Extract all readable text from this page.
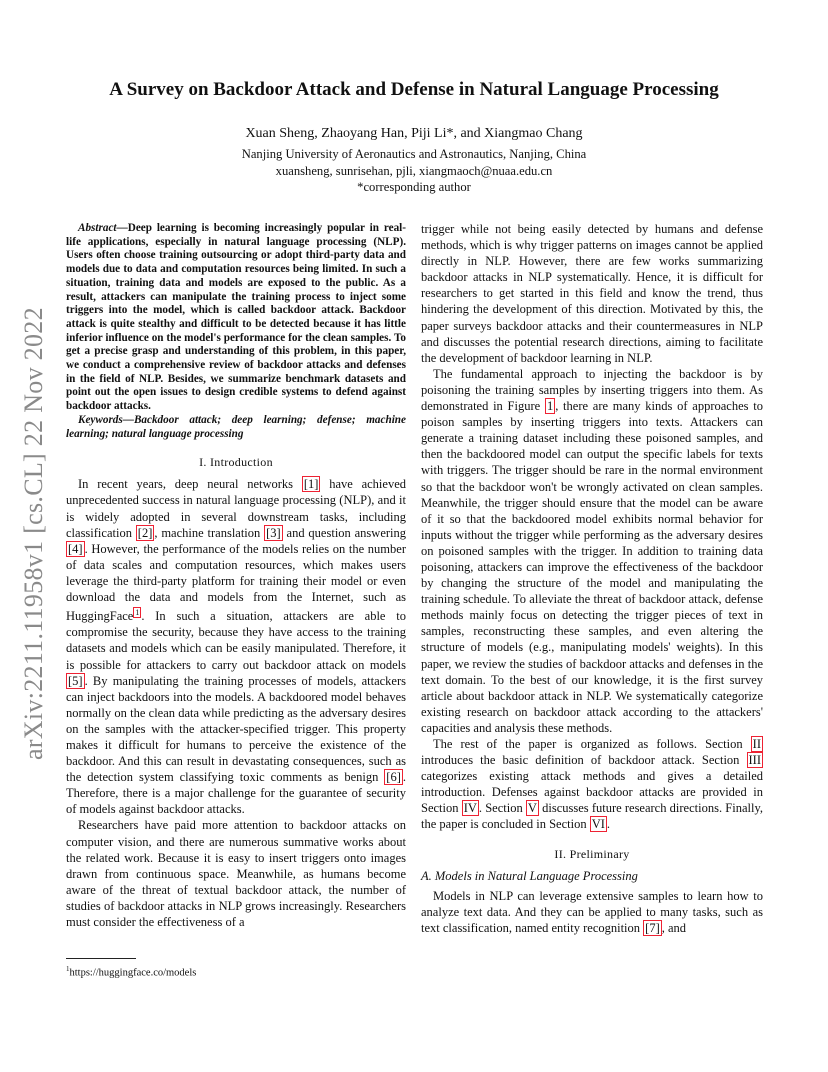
arXiv:2211.11958v1 [cs.CL] 22 Nov 2022
A Survey on Backdoor Attack and Defense in Natural Language Processing
Xuan Sheng, Zhaoyang Han, Piji Li*, and Xiangmao Chang
Nanjing University of Aeronautics and Astronautics, Nanjing, China
xuansheng, sunrisehan, pjli, xiangmaoch@nuaa.edu.cn
*corresponding author

Abstract—Deep learning is becoming increasingly popular in real-life applications, especially in natural language processing (NLP). Users often choose training outsourcing or adopt third-party data and models due to data and computation resources being limited. In such a situation, training data and models are exposed to the public. As a result, attackers can manipulate the training process to inject some triggers into the model, which is called backdoor attack. Backdoor attack is quite stealthy and difficult to be detected because it has little inferior influence on the model's performance for the clean samples. To get a precise grasp and understanding of this problem, in this paper, we conduct a comprehensive review of backdoor attacks and defenses in the field of NLP. Besides, we summarize benchmark datasets and point out the open issues to design credible systems to defend against backdoor attacks.

Keywords—Backdoor attack; deep learning; defense; machine learning; natural language processing

I. Introduction

In recent years, deep neural networks [1] have achieved unprecedented success in natural language processing (NLP), and it is widely adopted in several downstream tasks, including classification [2] , machine translation [3] and question answering [4] . However, the performance of the models relies on the number of data scales and computation resources, which makes users leverage the third-party platform for training their model or even download the data and models from the Internet, such as HuggingFace $^1$ . In such a situation, attackers are able to compromise the security, because they have access to the training datasets and models which can be easily manipulated. Therefore, it is possible for attackers to carry out backdoor attack on models [5] . By manipulating the training processes of models, attackers can inject backdoors into the models. A backdoored model behaves normally on the clean data while predicting as the adversary desires on the samples with the attacker-specified trigger. This property makes it difficult for humans to perceive the existence of the backdoor. And this can result in devastating consequences, such as the detection system classifying toxic comments as benign [6] . Therefore, there is a major challenge for the guarantee of security of models against backdoor attacks.

Researchers have paid more attention to backdoor attacks on computer vision, and there are numerous summative works about the related work. Because it is easy to insert triggers onto images drawn from continuous space. Meanwhile, as humans become aware of the threat of textual backdoor attack, the number of studies of backdoor attacks in NLP grows increasingly. Researchers must consider the effectiveness of a

$^1$https://huggingface.co/models

trigger while not being easily detected by humans and defense methods, which is why trigger patterns on images cannot be applied directly in NLP. However, there are few works summarizing backdoor attacks in NLP systematically. Hence, it is difficult for researchers to get started in this field and know the trend, thus hindering the development of this direction. Motivated by this, the paper surveys backdoor attacks and their countermeasures in NLP and discusses the potential research directions, aiming to facilitate the development of backdoor learning in NLP.

The fundamental approach to injecting the backdoor is by poisoning the training samples by inserting triggers into them. As demonstrated in Figure 1 , there are many kinds of approaches to poison samples by inserting triggers into texts. Attackers can generate a training dataset including these poisoned samples, and then the backdoored model can output the specific labels for texts with triggers. The trigger should be rare in the normal environment so that the backdoor won't be wrongly activated on clean samples. Meanwhile, the trigger should ensure that the model can be aware of it so that the backdoored model exhibits normal behavior for inputs without the trigger while performing as the adversary desires on poisoned samples with the trigger. In addition to training data poisoning, attackers can improve the effectiveness of the backdoor by changing the structure of the model and manipulating the training schedule. To alleviate the threat of backdoor attack, defense methods mainly focus on detecting the trigger pieces of text in samples, reconstructing these samples, and even altering the structure of models (e.g., manipulating models' weights). In this paper, we review the studies of backdoor attacks and defenses in the text domain. To the best of our knowledge, it is the first survey article about backdoor attack in NLP. We systematically categorize existing research on backdoor attack according to the attackers' capacities and analysis these methods.

The rest of the paper is organized as follows. Section II introduces the basic definition of backdoor attack. Section III categorizes existing attack methods and gives a detailed introduction. Defenses against backdoor attacks are provided in Section IV . Section V discusses future research directions. Finally, the paper is concluded in Section VI .

II. Preliminary
A. Models in Natural Language Processing

Models in NLP can leverage extensive samples to learn how to analyze text data. And they can be applied to many tasks, such as text classification, named entity recognition [7] , and
